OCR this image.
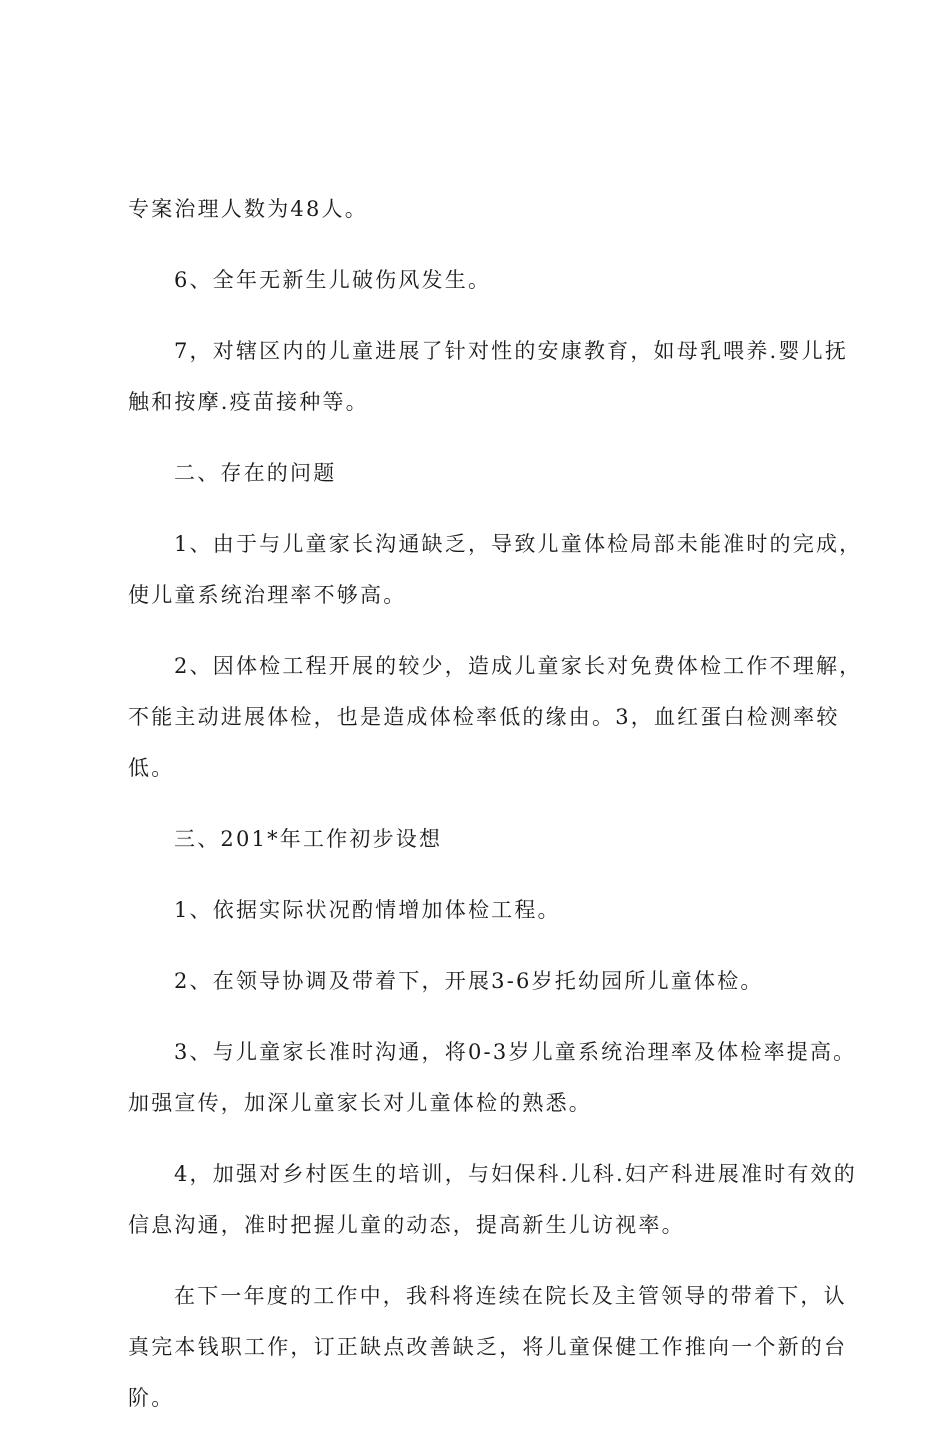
专案治理人数为48人。

6、全年无新生儿破伤风发生。

7，对辖区内的儿童进展了针对性的安康教育，如母乳喂养.婴儿抚
触和按摩.疫苗接种等。

二、存在的问题

1、由于与儿童家长沟通缺乏，导致儿童体检局部未能准时的完成，
使儿童系统治理率不够高。

2、因体检工程开展的较少，造成儿童家长对免费体检工作不理解，
不能主动进展体检，也是造成体检率低的缘由。3，血红蛋白检测率较
低。

三、201*年工作初步设想

1、依据实际状况酌情增加体检工程。

2、在领导协调及带着下，开展3-6岁托幼园所儿童体检。

3、与儿童家长准时沟通，将0-3岁儿童系统治理率及体检率提高。
加强宣传，加深儿童家长对儿童体检的熟悉。

4，加强对乡村医生的培训，与妇保科.儿科.妇产科进展准时有效的
信息沟通，准时把握儿童的动态，提高新生儿访视率。

在下一年度的工作中，我科将连续在院长及主管领导的带着下，认
真完本钱职工作，订正缺点改善缺乏，将儿童保健工作推向一个新的台
阶。
